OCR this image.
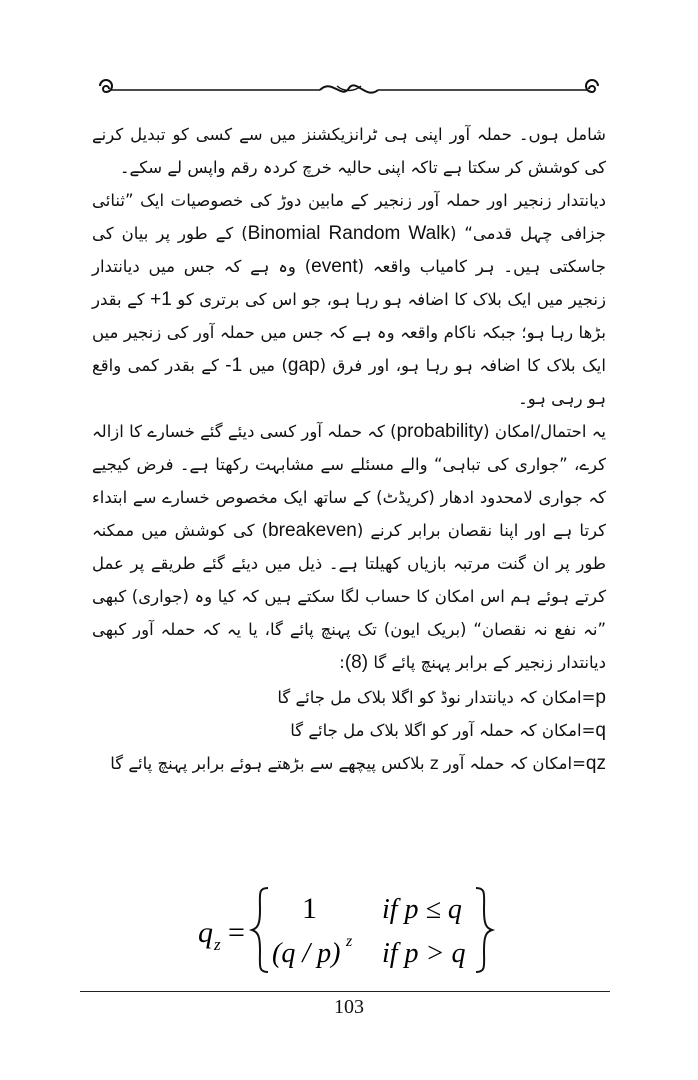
شامل ہوں۔ حملہ آور اپنی ہی ٹرانزیکشنز میں سے کسی کو تبدیل کرنے کی کوشش کر سکتا ہے تاکہ اپنی حالیہ خرچ کردہ رقم واپس لے سکے۔

دیانتدار زنجیر اور حملہ آور زنجیر کے مابین دوڑ کی خصوصیات ایک ”ثنائی جزافی چہل قدمی“ (Binomial Random Walk) کے طور پر بیان کی جاسکتی ہیں۔ ہر کامیاب واقعہ (event) وہ ہے کہ جس میں دیانتدار زنجیر میں ایک بلاک کا اضافہ ہو رہا ہو، جو اس کی برتری کو +1 کے بقدر بڑھا رہا ہو؛ جبکہ ناکام واقعہ وہ ہے کہ جس میں حملہ آور کی زنجیر میں ایک بلاک کا اضافہ ہو رہا ہو، اور فرق (gap) میں -1 کے بقدر کمی واقع ہو رہی ہو۔

یہ احتمال/امکان (probability) کہ حملہ آور کسی دیئے گئے خسارے کا ازالہ کرے، ”جواری کی تباہی“ والے مسئلے سے مشابہت رکھتا ہے۔ فرض کیجیے کہ جواری لامحدود ادھار (کریڈٹ) کے ساتھ ایک مخصوص خسارے سے ابتداء کرتا ہے اور اپنا نقصان برابر کرنے (breakeven) کی کوشش میں ممکنہ طور پر ان گنت مرتبہ بازیاں کھیلتا ہے۔ ذیل میں دیئے گئے طریقے پر عمل کرتے ہوئے ہم اس امکان کا حساب لگا سکتے ہیں کہ کیا وہ (جواری) کبھی ”نہ نفع نہ نقصان“ (بریک ایون) تک پہنچ پائے گا، یا یہ کہ حملہ آور کبھی دیانتدار زنجیر کے برابر پہنچ پائے گا (8):

p=امکان کہ دیانتدار نوڈ کو اگلا بلاک مل جائے گا

q=امکان کہ حملہ آور کو اگلا بلاک مل جائے گا

qz=امکان کہ حملہ آور z بلاکس پیچھے سے بڑھتے ہوئے برابر پہنچ پائے گا

q z =
1 if p ≤ q
(q / p) z if p > q
103
